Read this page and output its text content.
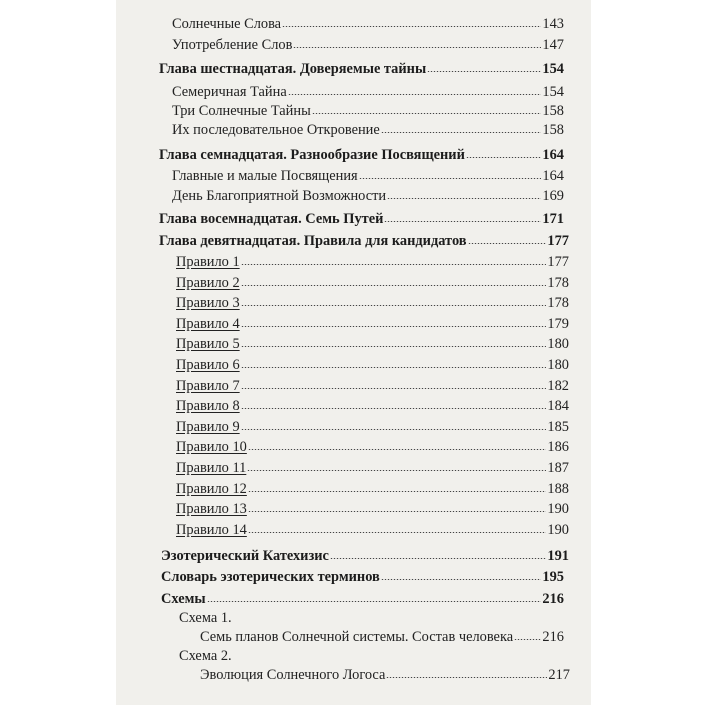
Солнечные Слова	143
Употребление Слов	147
Глава шестнадцатая. Доверяемые тайны	154
Семеричная Тайна	154
Три Солнечные Тайны	158
Их последовательное Откровение	158
Глава семнадцатая. Разнообразие Посвящений	164
Главные и малые Посвящения	164
День Благоприятной Возможности	169
Глава восемнадцатая. Семь Путей	171
Глава девятнадцатая. Правила для кандидатов	177
Правило 1	177
Правило 2	178
Правило 3	178
Правило 4	179
Правило 5	180
Правило 6	180
Правило 7	182
Правило 8	184
Правило 9	185
Правило 10	186
Правило 11	187
Правило 12	188
Правило 13	190
Правило 14	190
Эзотерический Катехизис	191
Словарь эзотерических терминов	195
Схемы	216
Схема 1.
Семь планов Солнечной системы. Состав человека 216
Схема 2.
Эволюция Солнечного Логоса	217
